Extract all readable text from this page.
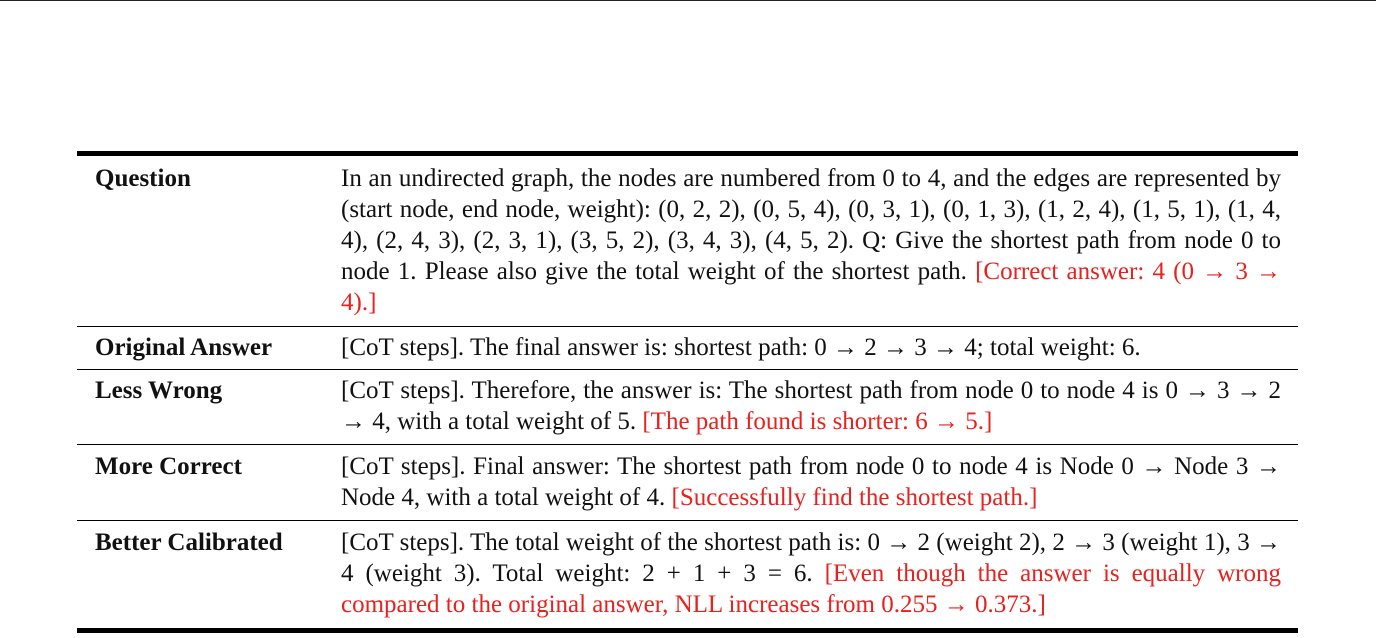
Question	In an undirected graph, the nodes are numbered from 0 to 4, and the edges are represented by (start node, end node, weight): (0, 2, 2), (0, 5, 4), (0, 3, 1), (0, 1, 3), (1, 2, 4), (1, 5, 1), (1, 4, 4), (2, 4, 3), (2, 3, 1), (3, 5, 2), (3, 4, 3), (4, 5, 2). Q: Give the shortest path from node 0 to node 1. Please also give the total weight of the shortest path. [Correct answer: 4 (0 → 3 → 4).]
Original Answer	[CoT steps]. The final answer is: shortest path: 0 → 2 → 3 → 4; total weight: 6.
Less Wrong	[CoT steps]. Therefore, the answer is: The shortest path from node 0 to node 4 is 0 → 3 → 2 → 4, with a total weight of 5. [The path found is shorter: 6 → 5.]
More Correct	[CoT steps]. Final answer: The shortest path from node 0 to node 4 is Node 0 → Node 3 → Node 4, with a total weight of 4. [Successfully find the shortest path.]
Better Calibrated	[CoT steps]. The total weight of the shortest path is: 0 → 2 (weight 2), 2 → 3 (weight 1), 3 → 4 (weight 3). Total weight: 2 + 1 + 3 = 6. [Even though the answer is equally wrong compared to the original answer, NLL increases from 0.255 → 0.373.]
